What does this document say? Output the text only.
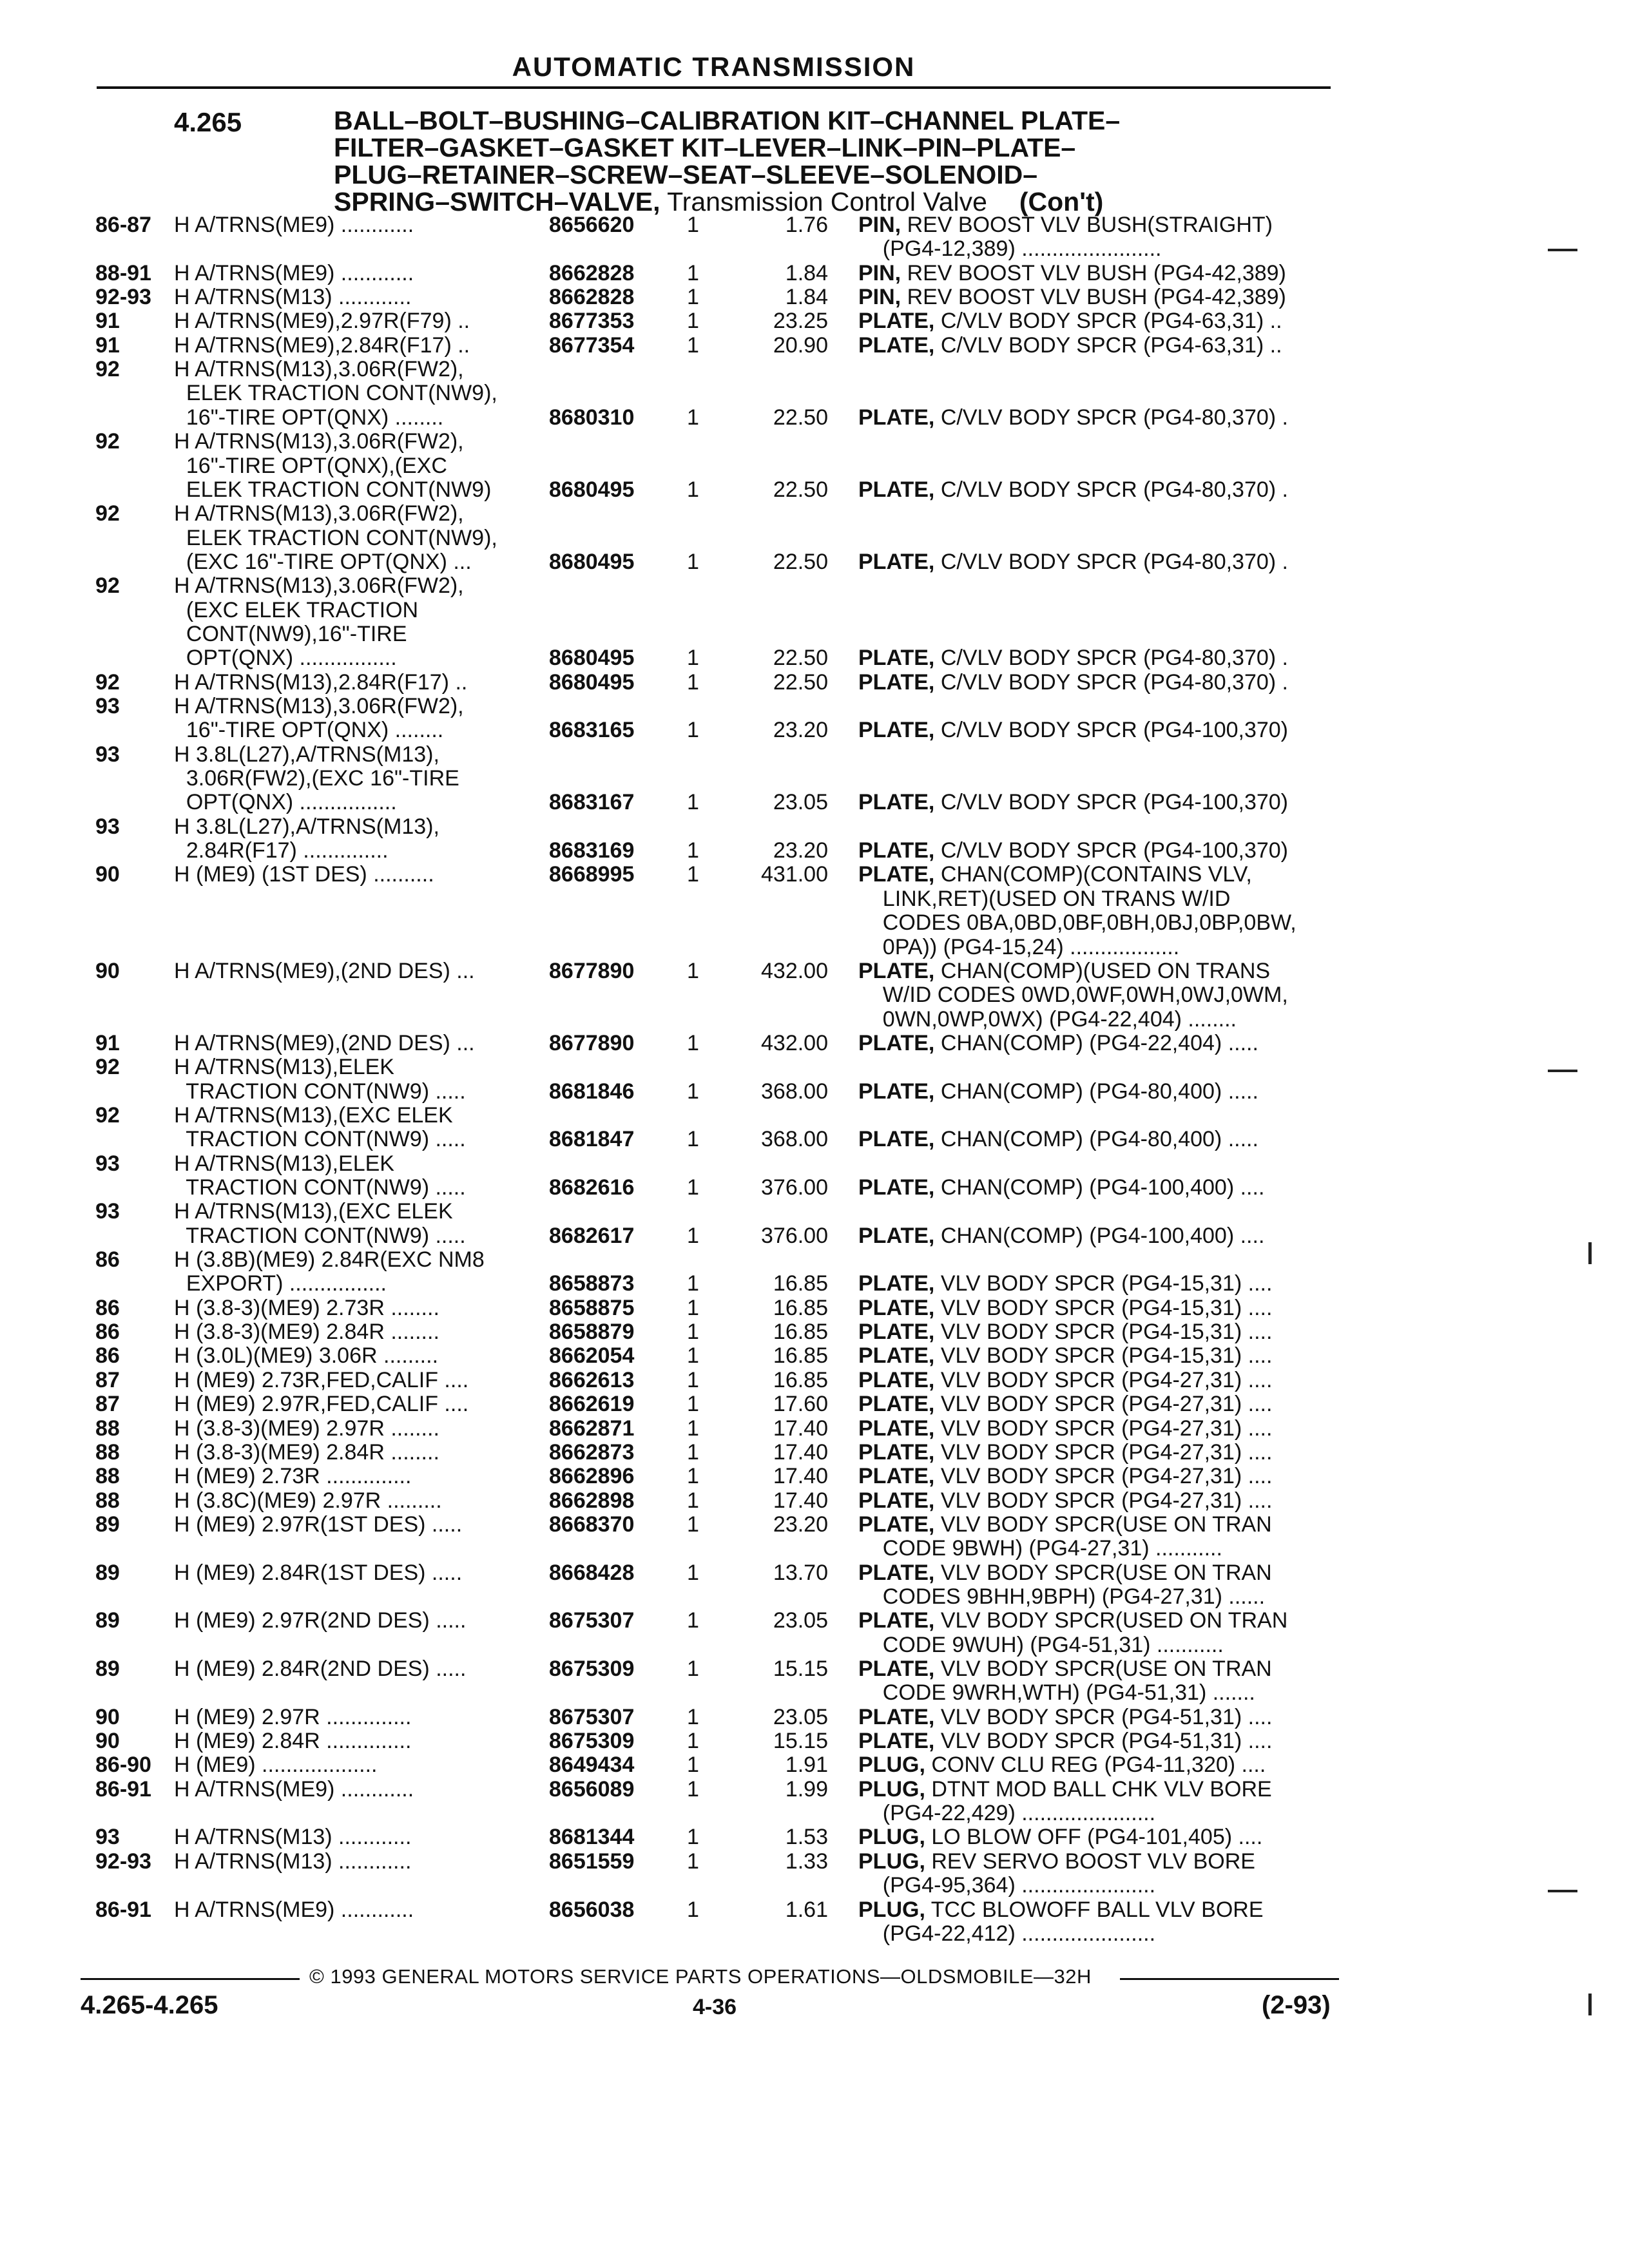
AUTOMATIC TRANSMISSION
4.265	BALL–BOLT–BUSHING–CALIBRATION KIT–CHANNEL PLATE–
FILTER–GASKET–GASKET KIT–LEVER–LINK–PIN–PLATE–
PLUG–RETAINER–SCREW–SEAT–SLEEVE–SOLENOID–
SPRING–SWITCH–VALVE, Transmission Control Valve (Con't)
86-87 H A/TRNS(ME9) ............	8656620 1	1.76 PIN, REV BOOST VLV BUSH(STRAIGHT)
(PG4-12,389) .......................
88-91 H A/TRNS(ME9) ............	8662828 1	1.84 PIN, REV BOOST VLV BUSH (PG4-42,389)
92-93 H A/TRNS(M13) ............	8662828 1	1.84 PIN, REV BOOST VLV BUSH (PG4-42,389)
91 H A/TRNS(ME9),2.97R(F79) ..	8677353 1	23.25 PLATE, C/VLV BODY SPCR (PG4-63,31) ..
91 H A/TRNS(ME9),2.84R(F17) ..	8677354 1	20.90 PLATE, C/VLV BODY SPCR (PG4-63,31) ..
92 H A/TRNS(M13),3.06R(FW2),
ELEK TRACTION CONT(NW9),
16"-TIRE OPT(QNX) ........	8680310 1	22.50 PLATE, C/VLV BODY SPCR (PG4-80,370) .
92 H A/TRNS(M13),3.06R(FW2),
16"-TIRE OPT(QNX),(EXC
ELEK TRACTION CONT(NW9)	8680495 1	22.50 PLATE, C/VLV BODY SPCR (PG4-80,370) .
92 H A/TRNS(M13),3.06R(FW2),
ELEK TRACTION CONT(NW9),
(EXC 16"-TIRE OPT(QNX) ...	8680495 1	22.50 PLATE, C/VLV BODY SPCR (PG4-80,370) .
92 H A/TRNS(M13),3.06R(FW2),
(EXC ELEK TRACTION
CONT(NW9),16"-TIRE
OPT(QNX) ................	8680495 1	22.50 PLATE, C/VLV BODY SPCR (PG4-80,370) .
92 H A/TRNS(M13),2.84R(F17) ..	8680495 1	22.50 PLATE, C/VLV BODY SPCR (PG4-80,370) .
93 H A/TRNS(M13),3.06R(FW2),
16"-TIRE OPT(QNX) ........	8683165 1	23.20 PLATE, C/VLV BODY SPCR (PG4-100,370)
93 H 3.8L(L27),A/TRNS(M13),
3.06R(FW2),(EXC 16"-TIRE
OPT(QNX) ................	8683167 1	23.05 PLATE, C/VLV BODY SPCR (PG4-100,370)
93 H 3.8L(L27),A/TRNS(M13),
2.84R(F17) ..............	8683169 1	23.20 PLATE, C/VLV BODY SPCR (PG4-100,370)
90 H (ME9) (1ST DES) ..........	8668995 1	431.00 PLATE, CHAN(COMP)(CONTAINS VLV,
LINK,RET)(USED ON TRANS W/ID
CODES 0BA,0BD,0BF,0BH,0BJ,0BP,0BW,
0PA)) (PG4-15,24) ..................
90 H A/TRNS(ME9),(2ND DES) ...	8677890 1	432.00 PLATE, CHAN(COMP)(USED ON TRANS
W/ID CODES 0WD,0WF,0WH,0WJ,0WM,
0WN,0WP,0WX) (PG4-22,404) ........
91 H A/TRNS(ME9),(2ND DES) ...	8677890 1	432.00 PLATE, CHAN(COMP) (PG4-22,404) .....
92 H A/TRNS(M13),ELEK
TRACTION CONT(NW9) .....	8681846 1	368.00 PLATE, CHAN(COMP) (PG4-80,400) .....
92 H A/TRNS(M13),(EXC ELEK
TRACTION CONT(NW9) .....	8681847 1	368.00 PLATE, CHAN(COMP) (PG4-80,400) .....
93 H A/TRNS(M13),ELEK
TRACTION CONT(NW9) .....	8682616 1	376.00 PLATE, CHAN(COMP) (PG4-100,400) ....
93 H A/TRNS(M13),(EXC ELEK
TRACTION CONT(NW9) .....	8682617 1	376.00 PLATE, CHAN(COMP) (PG4-100,400) ....
86 H (3.8B)(ME9) 2.84R(EXC NM8
EXPORT) ................	8658873 1	16.85 PLATE, VLV BODY SPCR (PG4-15,31) ....
86 H (3.8-3)(ME9) 2.73R ........	8658875 1	16.85 PLATE, VLV BODY SPCR (PG4-15,31) ....
86 H (3.8-3)(ME9) 2.84R ........	8658879 1	16.85 PLATE, VLV BODY SPCR (PG4-15,31) ....
86 H (3.0L)(ME9) 3.06R .........	8662054 1	16.85 PLATE, VLV BODY SPCR (PG4-15,31) ....
87 H (ME9) 2.73R,FED,CALIF ....	8662613 1	16.85 PLATE, VLV BODY SPCR (PG4-27,31) ....
87 H (ME9) 2.97R,FED,CALIF ....	8662619 1	17.60 PLATE, VLV BODY SPCR (PG4-27,31) ....
88 H (3.8-3)(ME9) 2.97R ........	8662871 1	17.40 PLATE, VLV BODY SPCR (PG4-27,31) ....
88 H (3.8-3)(ME9) 2.84R ........	8662873 1	17.40 PLATE, VLV BODY SPCR (PG4-27,31) ....
88 H (ME9) 2.73R ..............	8662896 1	17.40 PLATE, VLV BODY SPCR (PG4-27,31) ....
88 H (3.8C)(ME9) 2.97R .........	8662898 1	17.40 PLATE, VLV BODY SPCR (PG4-27,31) ....
89 H (ME9) 2.97R(1ST DES) .....	8668370 1	23.20 PLATE, VLV BODY SPCR(USE ON TRAN
CODE 9BWH) (PG4-27,31) ...........
89 H (ME9) 2.84R(1ST DES) .....	8668428 1	13.70 PLATE, VLV BODY SPCR(USE ON TRAN
CODES 9BHH,9BPH) (PG4-27,31) ......
89 H (ME9) 2.97R(2ND DES) .....	8675307 1	23.05 PLATE, VLV BODY SPCR(USED ON TRAN
CODE 9WUH) (PG4-51,31) ...........
89 H (ME9) 2.84R(2ND DES) .....	8675309 1	15.15 PLATE, VLV BODY SPCR(USE ON TRAN
CODE 9WRH,WTH) (PG4-51,31) .......
90 H (ME9) 2.97R ..............	8675307 1	23.05 PLATE, VLV BODY SPCR (PG4-51,31) ....
90 H (ME9) 2.84R ..............	8675309 1	15.15 PLATE, VLV BODY SPCR (PG4-51,31) ....
86-90 H (ME9) ...................	8649434 1	1.91 PLUG, CONV CLU REG (PG4-11,320) ....
86-91 H A/TRNS(ME9) ............	8656089 1	1.99 PLUG, DTNT MOD BALL CHK VLV BORE
(PG4-22,429) ......................
93 H A/TRNS(M13) ............	8681344 1	1.53 PLUG, LO BLOW OFF (PG4-101,405) ....
92-93 H A/TRNS(M13) ............	8651559 1	1.33 PLUG, REV SERVO BOOST VLV BORE
(PG4-95,364) ......................
86-91 H A/TRNS(ME9) ............	8656038 1	1.61 PLUG, TCC BLOWOFF BALL VLV BORE
(PG4-22,412) ......................
© 1993 GENERAL MOTORS SERVICE PARTS OPERATIONS—OLDSMOBILE—32H
4.265-4.265	4-36	(2-93)
